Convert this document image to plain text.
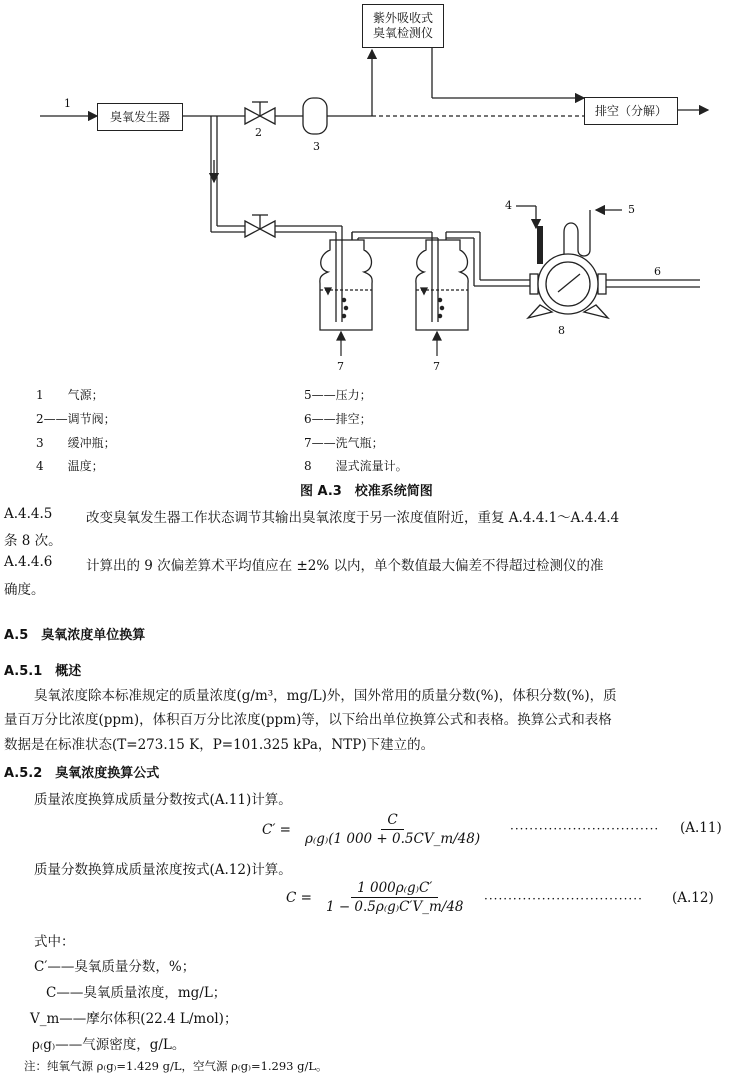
臭氧发生器
紫外吸收式
臭氧检测仪
排空（分解）
1
2
3
4	5
6
7	7
8
1　　气源；	5——压力；
2——调节阀；	6——排空；
3　　缓冲瓶；	7——洗气瓶；
4　　温度；	8　　湿式流量计。
图 A.3　校准系统简图
A.4.4.5 改变臭氧发生器工作状态调节其输出臭氧浓度于另一浓度值附近，重复 A.4.4.1～A.4.4.4
条 8 次。
A.4.4.6 计算出的 9 次偏差算术平均值应在 ±2% 以内，单个数值最大偏差不得超过检测仪的准
确度。
A.5　臭氧浓度单位换算
A.5.1　概述
臭氧浓度除本标准规定的质量浓度(g/m³，mg/L)外，国外常用的质量分数(%)，体积分数(%)，质
量百万分比浓度(ppm)，体积百万分比浓度(ppm)等，以下给出单位换算公式和表格。换算公式和表格
数据是在标准状态(T=273.15 K，P=101.325 kPa，NTP)下建立的。
A.5.2　臭氧浓度换算公式
质量浓度换算成质量分数按式(A.11)计算。
$C' = \frac{C}{\rho_(g_)(1 000 + 0.5CV\_m/48)}$ ······························· (A.11)
质量分数换算成质量浓度按式(A.12)计算。
$C = \frac{1 000\rho_(g_)C'}{1 - 0.5\rho_(g_)C'V\_m/48}$ ································· (A.12)
式中：
C′——臭氧质量分数，%；
C——臭氧质量浓度，mg/L；
V_m——摩尔体积(22.4 L/mol)；
ρ₍g₎——气源密度，g/L。
注：纯氧气源 ρ₍g₎=1.429 g/L，空气源 ρ₍g₎=1.293 g/L。
